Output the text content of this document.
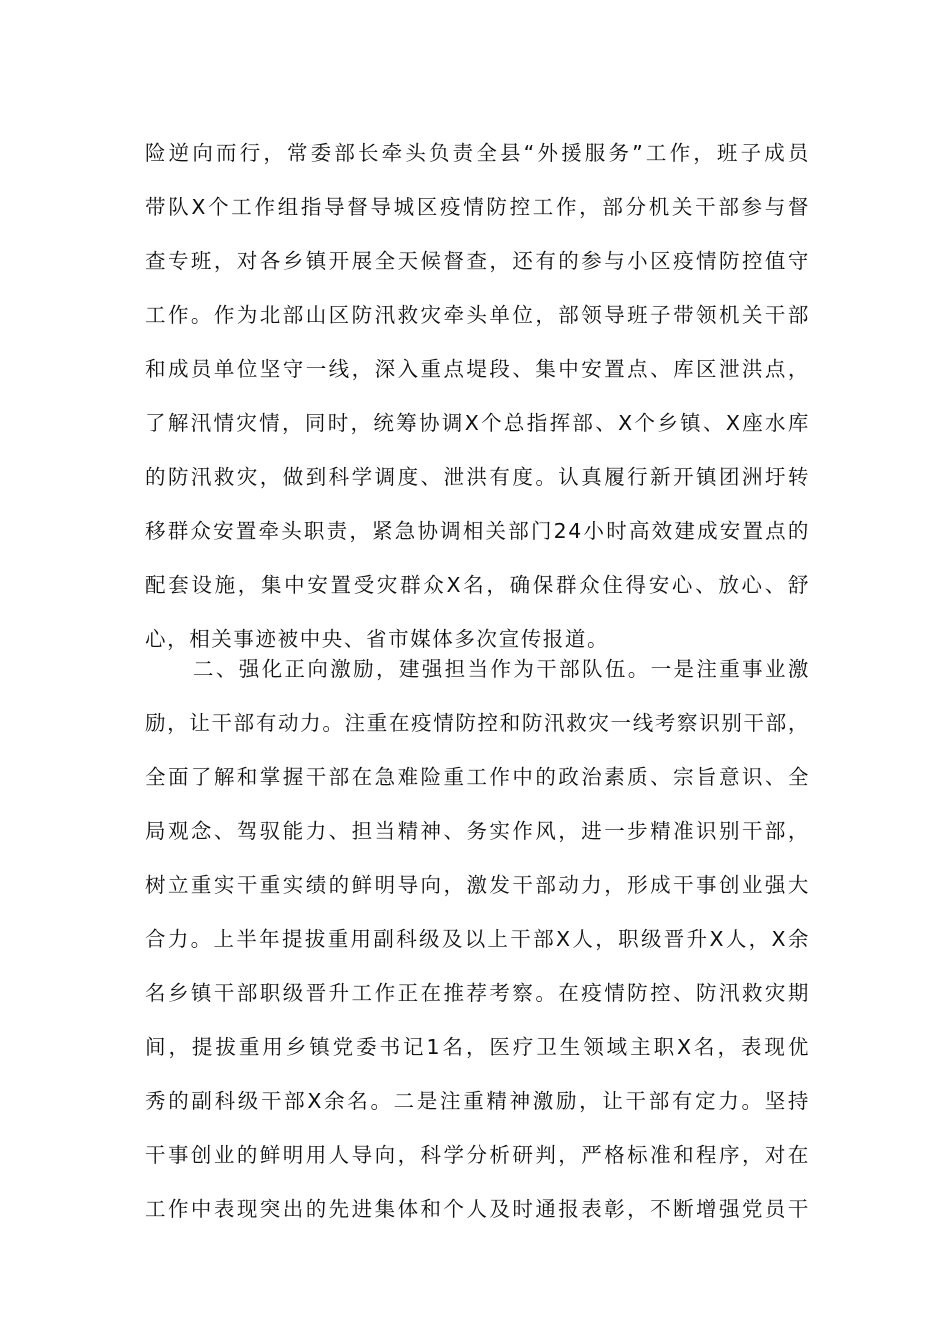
险逆向而行，常委部长牵头负责全县“外援服务”工作，班子成员
带队X个工作组指导督导城区疫情防控工作，部分机关干部参与督
查专班，对各乡镇开展全天候督查，还有的参与小区疫情防控值守
工作。作为北部山区防汛救灾牵头单位，部领导班子带领机关干部
和成员单位坚守一线，深入重点堤段、集中安置点、库区泄洪点，
了解汛情灾情，同时，统筹协调X个总指挥部、X个乡镇、X座水库
的防汛救灾，做到科学调度、泄洪有度。认真履行新开镇团洲圩转
移群众安置牵头职责，紧急协调相关部门24小时高效建成安置点的
配套设施，集中安置受灾群众X名，确保群众住得安心、放心、舒
心，相关事迹被中央、省市媒体多次宣传报道。
二、强化正向激励，建强担当作为干部队伍。一是注重事业激
励，让干部有动力。注重在疫情防控和防汛救灾一线考察识别干部，
全面了解和掌握干部在急难险重工作中的政治素质、宗旨意识、全
局观念、驾驭能力、担当精神、务实作风，进一步精准识别干部，
树立重实干重实绩的鲜明导向，激发干部动力，形成干事创业强大
合力。上半年提拔重用副科级及以上干部X人，职级晋升X人，X余
名乡镇干部职级晋升工作正在推荐考察。在疫情防控、防汛救灾期
间，提拔重用乡镇党委书记1名，医疗卫生领域主职X名，表现优
秀的副科级干部X余名。二是注重精神激励，让干部有定力。坚持
干事创业的鲜明用人导向，科学分析研判，严格标准和程序，对在
工作中表现突出的先进集体和个人及时通报表彰，不断增强党员干
